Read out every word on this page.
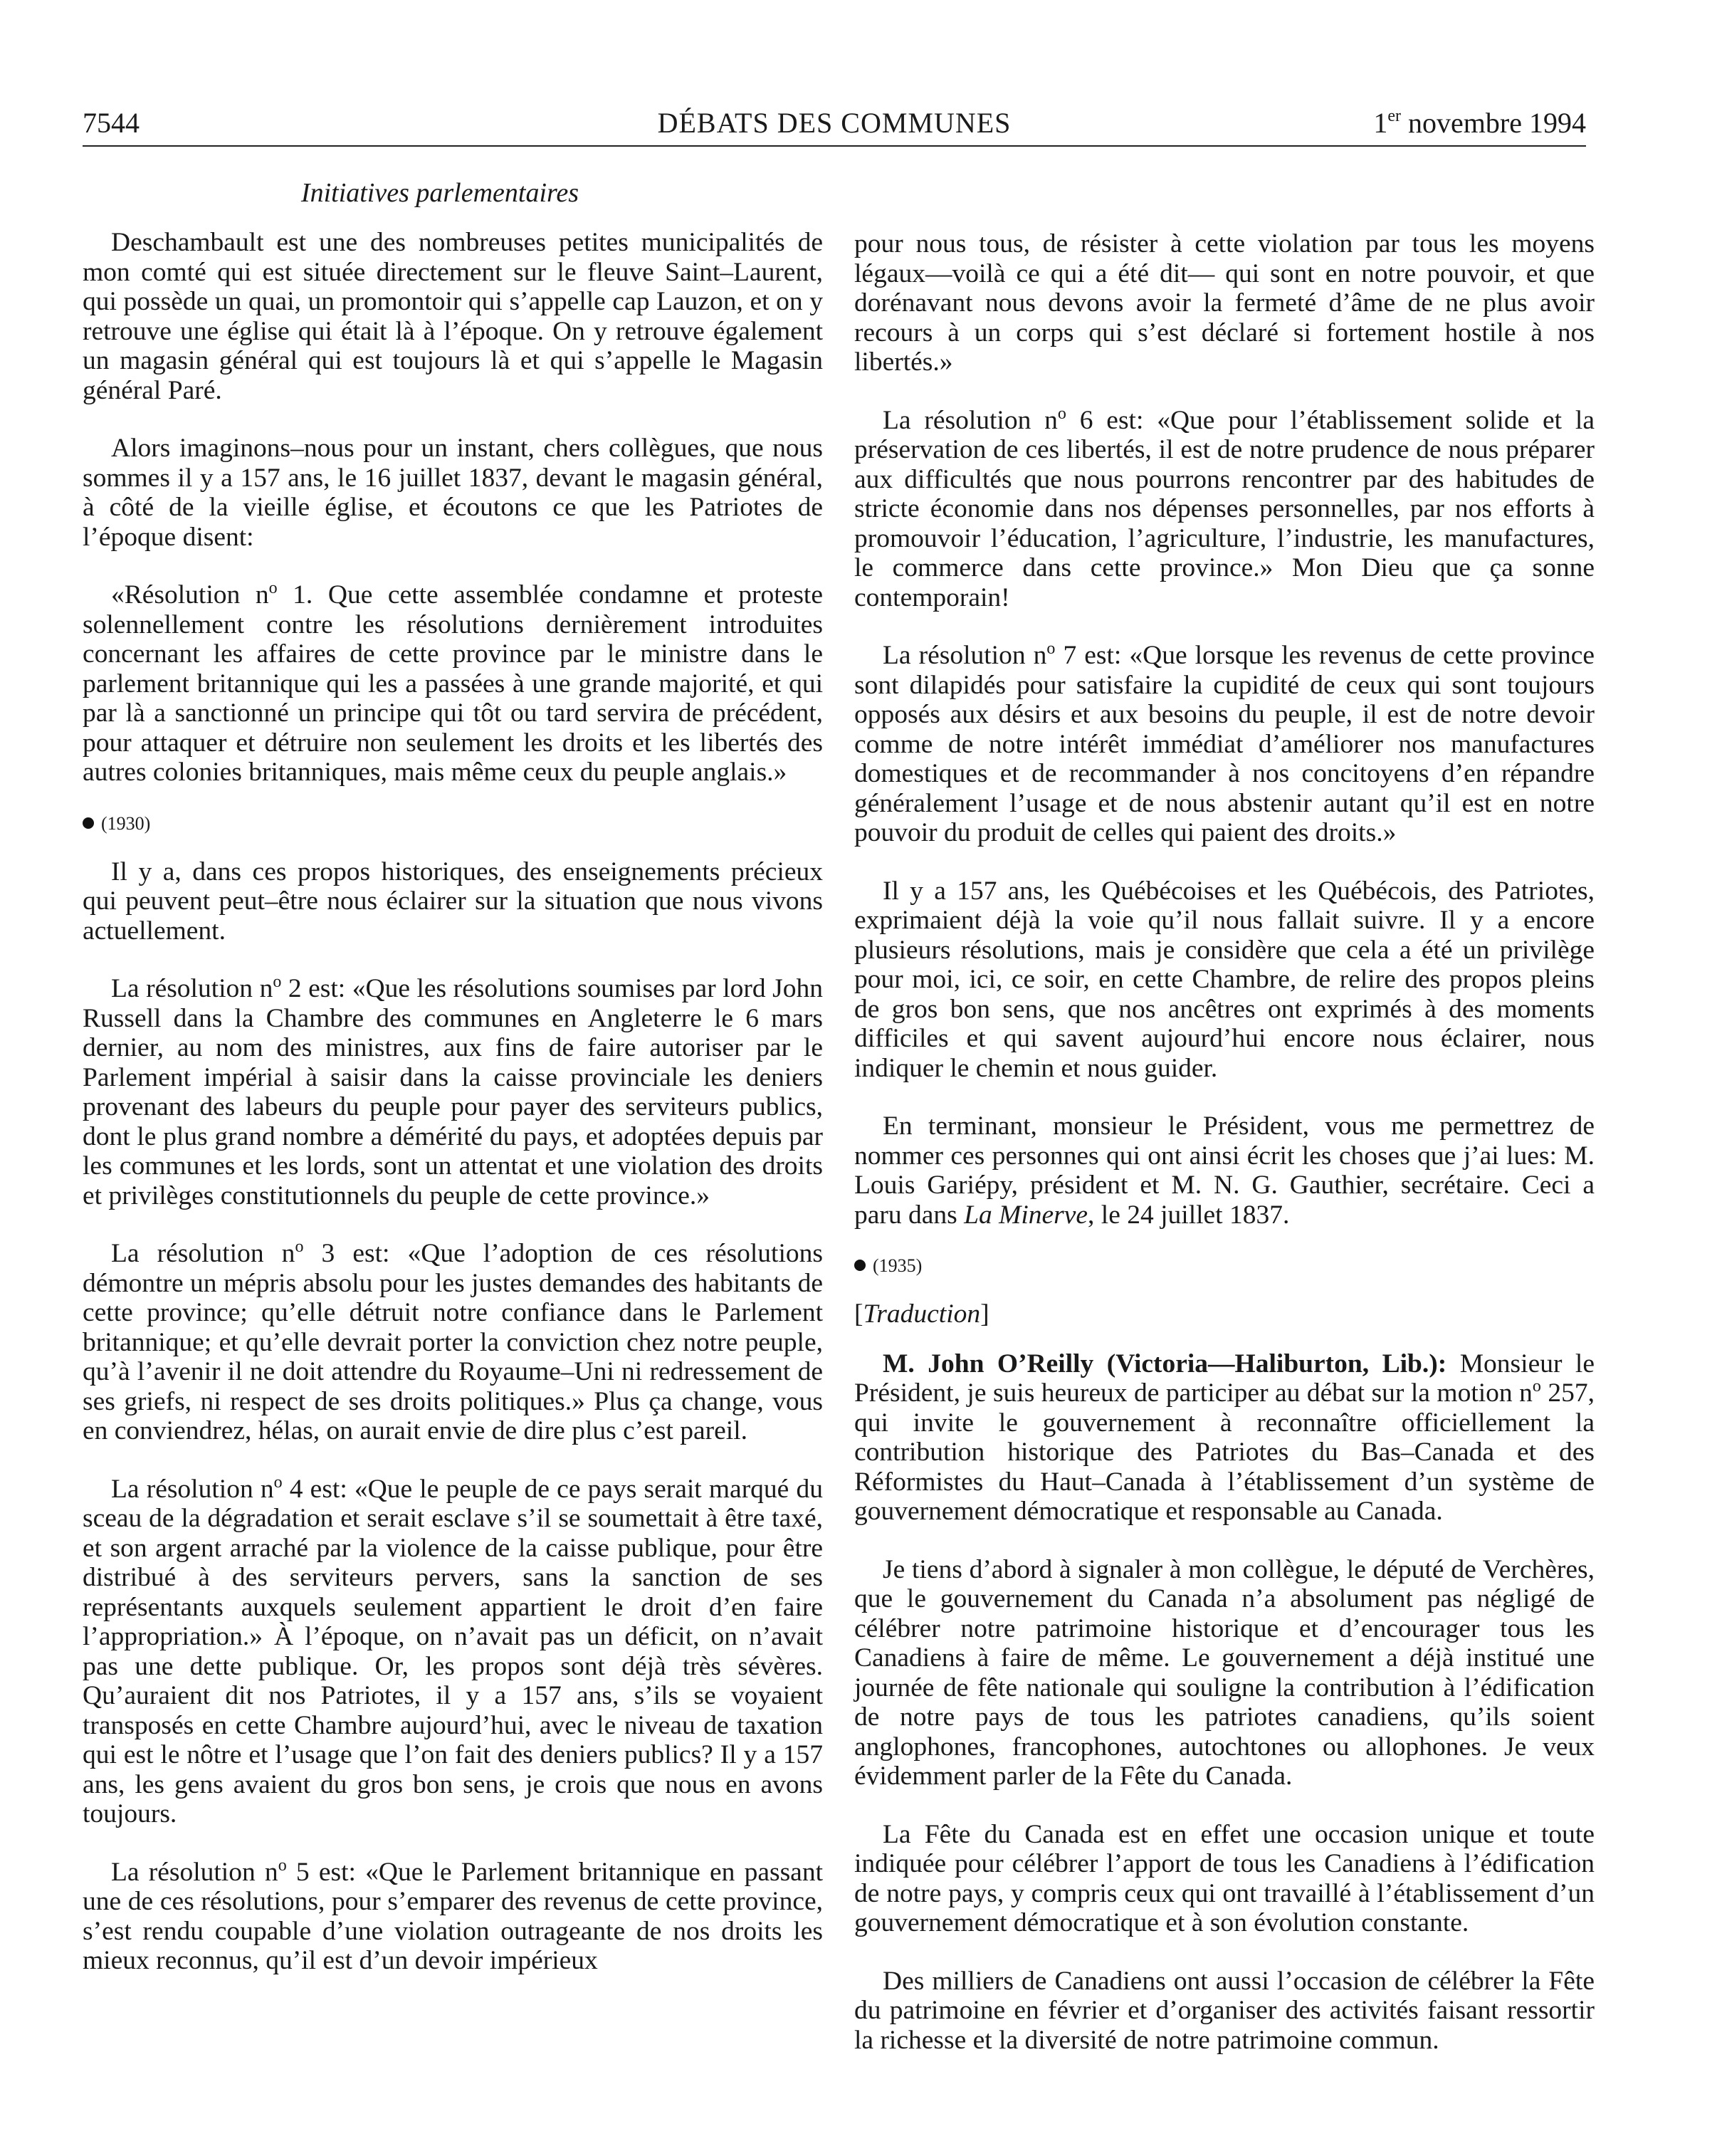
DÉBATS DES COMMUNES
7544	1er novembre 1994
Initiatives parlementaires

Deschambault est une des nombreuses petites municipalités de mon comté qui est située directement sur le fleuve Saint–Laurent, qui possède un quai, un promontoir qui s’appelle cap Lauzon, et on y retrouve une église qui était là à l’époque. On y retrouve également un magasin général qui est toujours là et qui s’appelle le Magasin général Paré.

Alors imaginons–nous pour un instant, chers collègues, que nous sommes il y a 157 ans, le 16 juillet 1837, devant le magasin général, à côté de la vieille église, et écoutons ce que les Patriotes de l’époque disent:

«Résolution $n^o$ 1. Que cette assemblée condamne et proteste solennellement contre les résolutions dernièrement introduites concernant les affaires de cette province par le ministre dans le parlement britannique qui les a passées à une grande majorité, et qui par là a sanctionné un principe qui tôt ou tard servira de précédent, pour attaquer et détruire non seulement les droits et les libertés des autres colonies britanniques, mais même ceux du peuple anglais.»

(1930)

Il y a, dans ces propos historiques, des enseignements précieux qui peuvent peut–être nous éclairer sur la situation que nous vivons actuellement.

La résolution $n^o$ 2 est: «Que les résolutions soumises par lord John Russell dans la Chambre des communes en Angleterre le 6 mars dernier, au nom des ministres, aux fins de faire autoriser par le Parlement impérial à saisir dans la caisse provinciale les deniers provenant des labeurs du peuple pour payer des serviteurs publics, dont le plus grand nombre a démérité du pays, et adoptées depuis par les communes et les lords, sont un attentat et une violation des droits et privilèges constitutionnels du peuple de cette province.»

La résolution $n^o$ 3 est: «Que l’adoption de ces résolutions démontre un mépris absolu pour les justes demandes des habitants de cette province; qu’elle détruit notre confiance dans le Parlement britannique; et qu’elle devrait porter la conviction chez notre peuple, qu’à l’avenir il ne doit attendre du Royaume–Uni ni redressement de ses griefs, ni respect de ses droits politiques.» Plus ça change, vous en conviendrez, hélas, on aurait envie de dire plus c’est pareil.

La résolution $n^o$ 4 est: «Que le peuple de ce pays serait marqué du sceau de la dégradation et serait esclave s’il se soumettait à être taxé, et son argent arraché par la violence de la caisse publique, pour être distribué à des serviteurs pervers, sans la sanction de ses représentants auxquels seulement appartient le droit d’en faire l’appropriation.» À l’époque, on n’avait pas un déficit, on n’avait pas une dette publique. Or, les propos sont déjà très sévères. Qu’auraient dit nos Patriotes, il y a 157 ans, s’ils se voyaient transposés en cette Chambre aujourd’hui, avec le niveau de taxation qui est le nôtre et l’usage que l’on fait des deniers publics? Il y a 157 ans, les gens avaient du gros bon sens, je crois que nous en avons toujours.

La résolution $n^o$ 5 est: «Que le Parlement britannique en passant une de ces résolutions, pour s’emparer des revenus de cette province, s’est rendu coupable d’une violation outrageante de nos droits les mieux reconnus, qu’il est d’un devoir impérieux

pour nous tous, de résister à cette violation par tous les moyens légaux—voilà ce qui a été dit— qui sont en notre pouvoir, et que dorénavant nous devons avoir la fermeté d’âme de ne plus avoir recours à un corps qui s’est déclaré si fortement hostile à nos libertés.»

La résolution $n^o$ 6 est: «Que pour l’établissement solide et la préservation de ces libertés, il est de notre prudence de nous préparer aux difficultés que nous pourrons rencontrer par des habitudes de stricte économie dans nos dépenses personnelles, par nos efforts à promouvoir l’éducation, l’agriculture, l’industrie, les manufactures, le commerce dans cette province.» Mon Dieu que ça sonne contemporain!

La résolution $n^o$ 7 est: «Que lorsque les revenus de cette province sont dilapidés pour satisfaire la cupidité de ceux qui sont toujours opposés aux désirs et aux besoins du peuple, il est de notre devoir comme de notre intérêt immédiat d’améliorer nos manufactures domestiques et de recommander à nos concitoyens d’en répandre généralement l’usage et de nous abstenir autant qu’il est en notre pouvoir du produit de celles qui paient des droits.»

Il y a 157 ans, les Québécoises et les Québécois, des Patriotes, exprimaient déjà la voie qu’il nous fallait suivre. Il y a encore plusieurs résolutions, mais je considère que cela a été un privilège pour moi, ici, ce soir, en cette Chambre, de relire des propos pleins de gros bon sens, que nos ancêtres ont exprimés à des moments difficiles et qui savent aujourd’hui encore nous éclairer, nous indiquer le chemin et nous guider.

En terminant, monsieur le Président, vous me permettrez de nommer ces personnes qui ont ainsi écrit les choses que j’ai lues: M. Louis Gariépy, président et M. N. G. Gauthier, secrétaire. Ceci a paru dans La Minerve, le 24 juillet 1837.

(1935)
[Traduction]

M. John O’Reilly (Victoria—Haliburton, Lib.): Monsieur le Président, je suis heureux de participer au débat sur la motion $n^o$ 257, qui invite le gouvernement à reconnaître officiellement la contribution historique des Patriotes du Bas–Canada et des Réformistes du Haut–Canada à l’établissement d’un système de gouvernement démocratique et responsable au Canada.

Je tiens d’abord à signaler à mon collègue, le député de Verchères, que le gouvernement du Canada n’a absolument pas négligé de célébrer notre patrimoine historique et d’encourager tous les Canadiens à faire de même. Le gouvernement a déjà institué une journée de fête nationale qui souligne la contribution à l’édification de notre pays de tous les patriotes canadiens, qu’ils soient anglophones, francophones, autochtones ou allophones. Je veux évidemment parler de la Fête du Canada.

La Fête du Canada est en effet une occasion unique et toute indiquée pour célébrer l’apport de tous les Canadiens à l’édification de notre pays, y compris ceux qui ont travaillé à l’établissement d’un gouvernement démocratique et à son évolution constante.

Des milliers de Canadiens ont aussi l’occasion de célébrer la Fête du patrimoine en février et d’organiser des activités faisant ressortir la richesse et la diversité de notre patrimoine commun.
